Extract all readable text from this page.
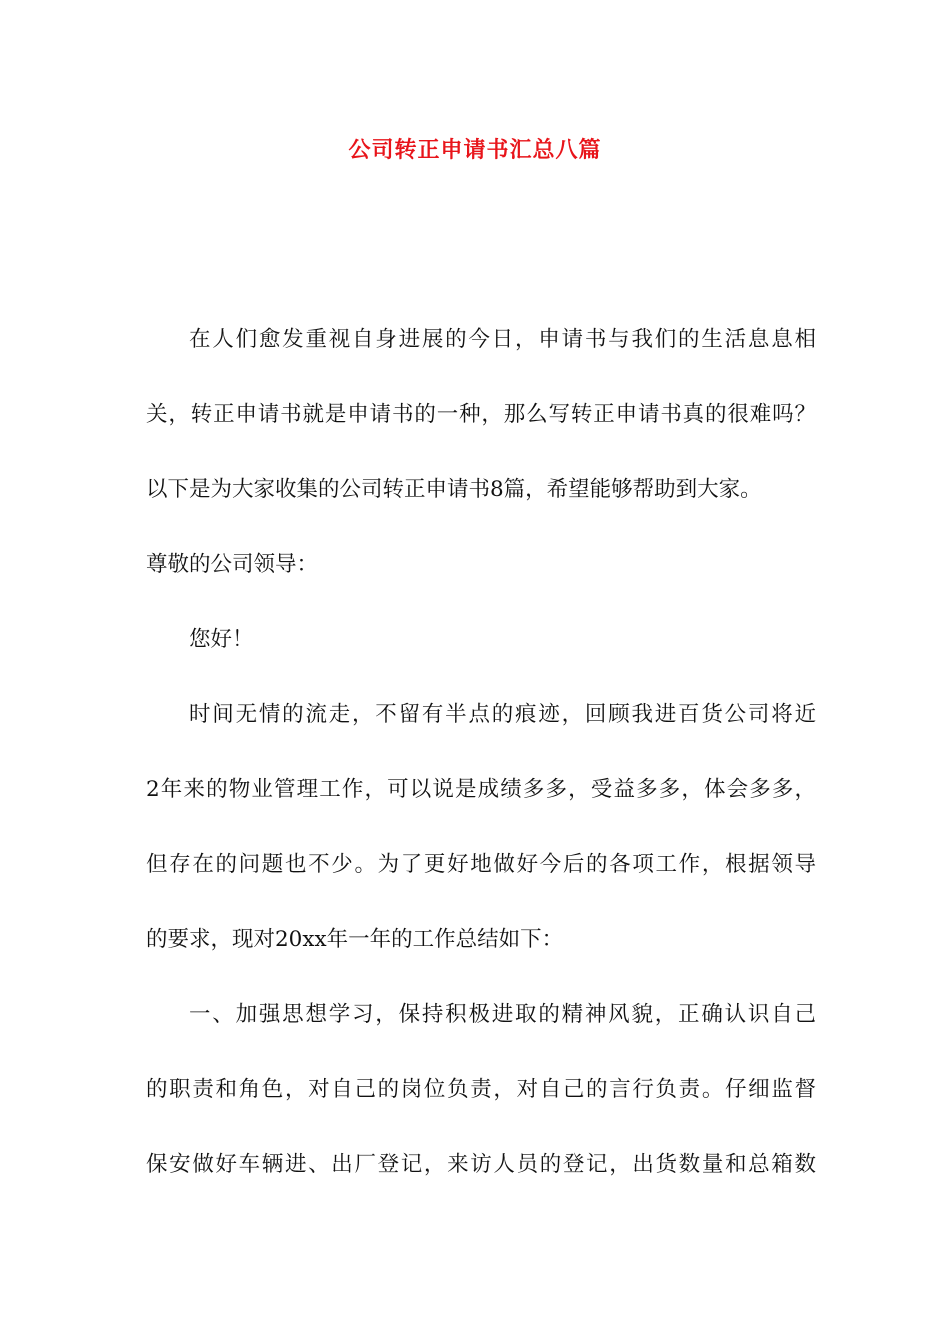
公司转正申请书汇总八篇

在人们愈发重视自身进展的今日，申请书与我们的生活息息相

关，转正申请书就是申请书的一种，那么写转正申请书真的很难吗？

以下是为大家收集的公司转正申请书8篇，希望能够帮助到大家。

尊敬的公司领导：

您好！

时间无情的流走，不留有半点的痕迹，回顾我进百货公司将近

2年来的物业管理工作，可以说是成绩多多，受益多多，体会多多，

但存在的问题也不少。为了更好地做好今后的各项工作，根据领导

的要求，现对20xx年一年的工作总结如下：

一、加强思想学习，保持积极进取的精神风貌，正确认识自己

的职责和角色，对自己的岗位负责，对自己的言行负责。仔细监督

保安做好车辆进、出厂登记，来访人员的登记，出货数量和总箱数
